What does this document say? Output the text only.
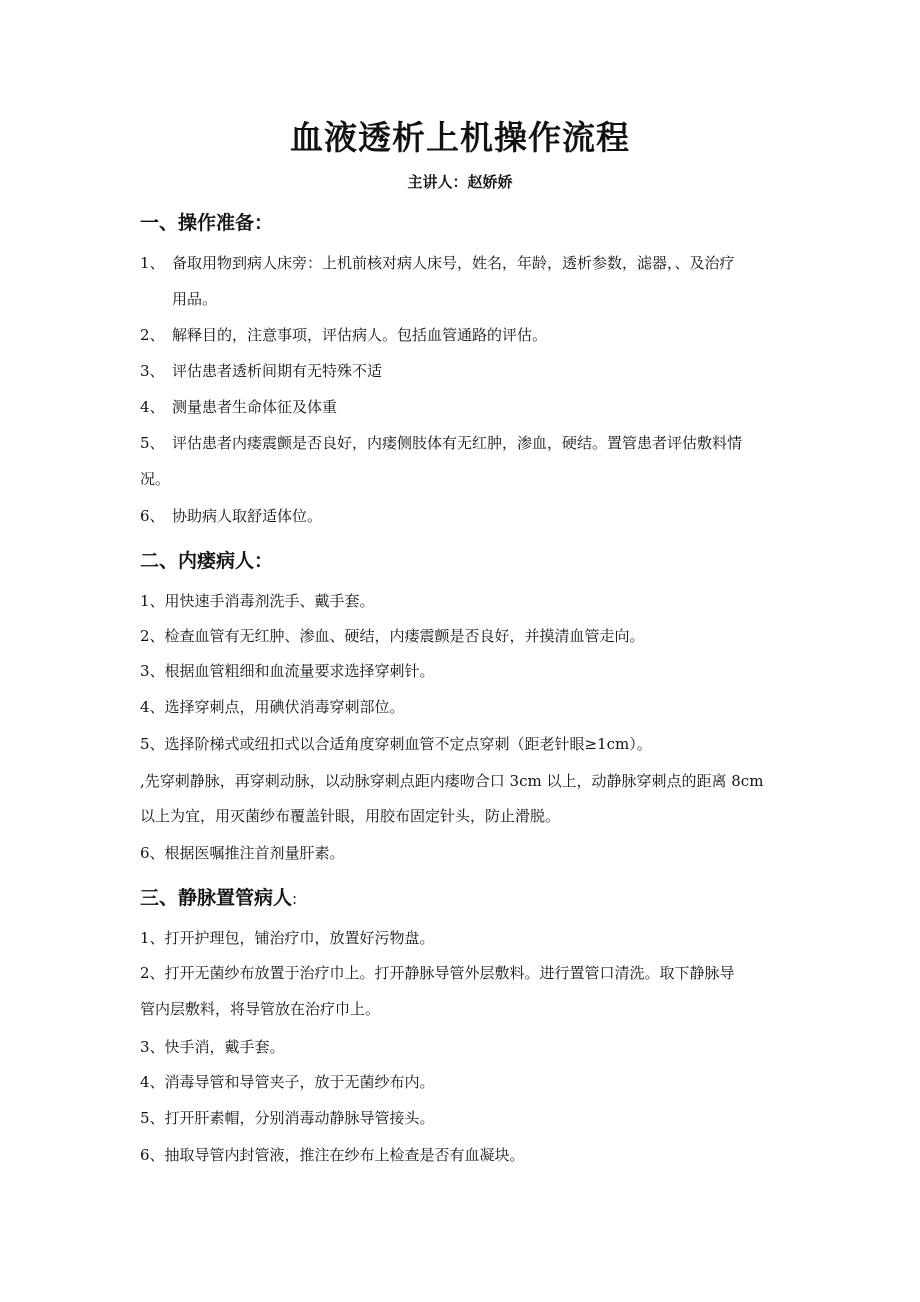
血液透析上机操作流程

主讲人：赵娇娇

一、操作准备：

1、 备取用物到病人床旁：上机前核对病人床号，姓名，年龄，透析参数，滤器，、及治疗

用品。

2、 解释目的，注意事项，评估病人。包括血管通路的评估。

3、 评估患者透析间期有无特殊不适

4、 测量患者生命体征及体重

5、 评估患者内瘘震颤是否良好，内瘘侧肢体有无红肿，渗血，硬结。置管患者评估敷料情

况。

6、 协助病人取舒适体位。

二、内瘘病人：

1、用快速手消毒剂洗手、戴手套。

2、检查血管有无红肿、渗血、硬结，内瘘震颤是否良好，并摸清血管走向。

3、根据血管粗细和血流量要求选择穿刺针。

4、选择穿刺点，用碘伏消毒穿刺部位。

5、选择阶梯式或纽扣式以合适角度穿刺血管不定点穿刺（距老针眼≥1cm）。

,先穿刺静脉，再穿刺动脉，以动脉穿刺点距内瘘吻合口 3cm 以上，动静脉穿刺点的距离 8cm

以上为宜，用灭菌纱布覆盖针眼，用胶布固定针头，防止滑脱。

6、根据医嘱推注首剂量肝素。

三、静脉置管病人:

1、打开护理包，铺治疗巾，放置好污物盘。

2、打开无菌纱布放置于治疗巾上。打开静脉导管外层敷料。进行置管口清洗。取下静脉导

管内层敷料，将导管放在治疗巾上。

3、快手消，戴手套。

4、消毒导管和导管夹子，放于无菌纱布内。

5、打开肝素帽，分别消毒动静脉导管接头。

6、抽取导管内封管液，推注在纱布上检查是否有血凝块。
